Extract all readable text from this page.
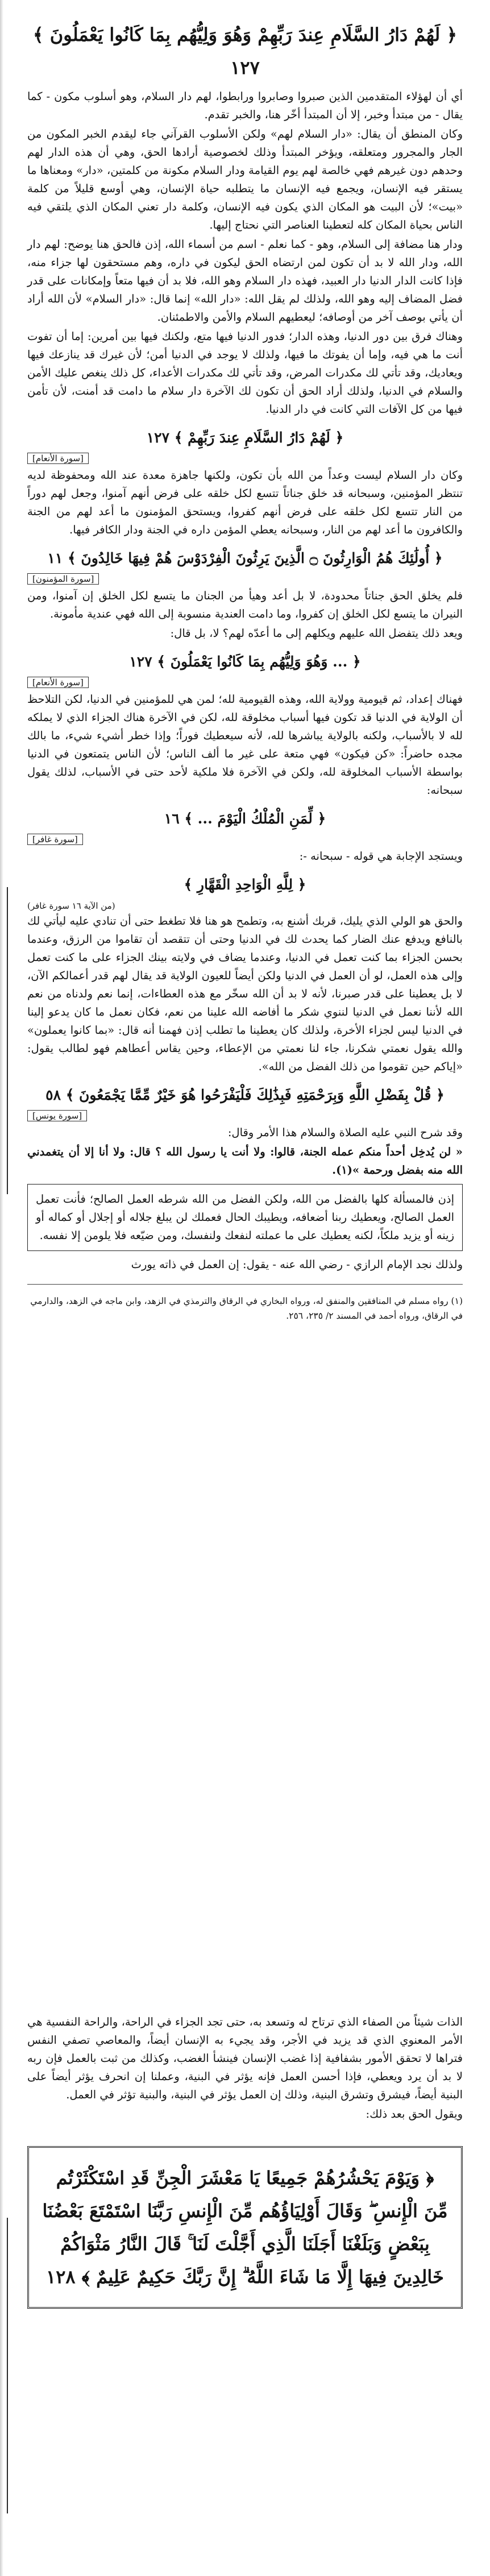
﴿ لَهُمْ دَارُ السَّلَامِ عِندَ رَبِّهِمْ وَهُوَ وَلِيُّهُم بِمَا كَانُوا يَعْمَلُونَ ﴾ ١٢٧

أي أن لهؤلاء المتقدمين الذين صبروا وصابروا ورابطوا، لهم دار السلام، وهو أسلوب مكون - كما يقال - من مبتدأ وخبر، إلا أن المبتدأ أخّر هنا، والخبر تقدم.

وكان المنطق أن يقال: «دار السلام لهم» ولكن الأسلوب القرآني جاء ليقدم الخبر المكون من الجار والمجرور ومتعلقه، ويؤخر المبتدأ وذلك لخصوصية أرادها الحق، وهي أن هذه الدار لهم وحدهم دون غيرهم فهي خالصة لهم يوم القيامة ودار السلام مكونة من كلمتين، «دار» ومعناها ما يستقر فيه الإنسان، ويجمع فيه الإنسان ما يتطلبه حياة الإنسان، وهي أوسع قليلاً من كلمة «بيت»؛ لأن البيت هو المكان الذي يكون فيه الإنسان، وكلمة دار تعني المكان الذي يلتقي فيه الناس بحياة المكان كله لتعطينا العناصر التي نحتاج إليها.

ودار هنا مضافة إلى السلام، وهو - كما نعلم - اسم من أسماء الله، إذن فالحق هنا يوضح: لهم دار الله، ودار الله لا بد أن تكون لمن ارتضاه الحق ليكون في داره، وهم مستحقون لها جزاء منه، فإذا كانت الدار الدنيا دار العبيد، فهذه دار السلام وهو الله، فلا بد أن فيها متعاً وإمكانات على قدر فضل المضاف إليه وهو الله، ولذلك لم يقل الله: «دار الله» إنما قال: «دار السلام» لأن الله أراد أن يأتي بوصف آخر من أوصافه؛ ليعطيهم السلام والأمن والاطمئنان.

وهناك فرق بين دور الدنيا، وهذه الدار؛ فدور الدنيا فيها متع، ولكنك فيها بين أمرين: إما أن تفوت أنت ما هي فيه، وإما أن يفوتك ما فيها، ولذلك لا يوجد في الدنيا أمن؛ لأن غيرك قد ينازعك فيها ويعاديك، وقد تأتي لك مكدرات المرض، وقد تأتي لك مكدرات الأعداء، كل ذلك ينغص عليك الأمن والسلام في الدنيا، ولذلك أراد الحق أن تكون لك الآخرة دار سلام ما دامت قد أمنت، لأن تأمن فيها من كل الآفات التي كانت في دار الدنيا.

﴿ لَهُمْ دَارُ السَّلَامِ عِندَ رَبِّهِمْ ﴾ ١٢٧
[سورة الأنعام]

وكان دار السلام ليست وعداً من الله بأن تكون، ولكنها جاهزة معدة عند الله ومحفوظة لديه تنتظر المؤمنين، وسبحانه قد خلق جناتاً تتسع لكل خلقه على فرض أنهم آمنوا، وجعل لهم دوراً من النار تتسع لكل خلقه على فرض أنهم كفروا، ويستحق المؤمنون ما أعد لهم من الجنة والكافرون ما أعد لهم من النار، وسبحانه يعطي المؤمن داره في الجنة ودار الكافر فيها.

﴿ أُولَٰئِكَ هُمُ الْوَارِثُونَ ۝ الَّذِينَ يَرِثُونَ الْفِرْدَوْسَ هُمْ فِيهَا خَالِدُونَ ﴾ ١١
[سورة المؤمنون]

فلم يخلق الحق جناتاً محدودة، لا بل أعد وهيأ من الجنان ما يتسع لكل الخلق إن آمنوا، ومن النيران ما يتسع لكل الخلق إن كفروا، وما دامت العندية منسوبة إلى الله فهي عندية مأمونة.

ويعد ذلك يتفضل الله عليهم ويكلهم إلى ما أعدّه لهم؟ لا، بل قال:

﴿ ... وَهُوَ وَلِيُّهُم بِمَا كَانُوا يَعْمَلُونَ ﴾ ١٢٧
[سورة الأنعام]

فهناك إعداد، ثم قيومية وولاية الله، وهذه القيومية لله؛ لمن هي للمؤمنين في الدنيا، لكن التلاحظ أن الولاية في الدنيا قد تكون فيها أسباب مخلوقة لله، لكن في الآخرة هناك الجزاء الذي لا يملكه لله لا بالأسباب، ولكنه بالولاية يباشرها لله، لأنه سيعطيك فوراً؛ وإذا خطر أشيء شيء، ما بالك مجده حاضراً: «كن فيكون» فهي متعة على غير ما ألف الناس؛ لأن الناس يتمتعون في الدنيا بواسطة الأسباب المخلوقة لله، ولكن في الآخرة فلا ملكية لأحد حتى في الأسباب، لذلك يقول سبحانه:

﴿ لِّمَنِ الْمُلْكُ الْيَوْمَ ... ﴾ ١٦
[سورة غافر]

ويستجد الإجابة هي قوله - سبحانه -:

﴿ لِلَّهِ الْوَاحِدِ الْقَهَّارِ ﴾
(من الآية ١٦ سورة غافر)

والحق هو الولي الذي يليك، قربك أشنع به، وتطمح هو هنا فلا تطغط حتى أن تنادي عليه ليأتي لك بالنافع ويدفع عنك الضار كما يحدث لك في الدنيا وحتى أن تتقصد أن تقاموا من الرزق، وعندما بحسن الجزاء بما كنت تعمل في الدنيا، وعندما يضاف في ولايته بينك الجزاء على ما كنت تعمل وإلى هذه العمل، لو أن العمل في الدنيا ولكن أيضاً للعيون الولاية قد يقال لهم قدر أعمالكم الآن، لا بل يعطينا على قدر صبرنا، لأنه لا بد أن الله سخّر مع هذه العطاءات، إنما نعم ولدناه من نعم الله لأننا نعمل في الدنيا لننوي شكر ما أفاضه الله علينا من نعم، فكان نعمل ما كان يدعو إلينا في الدنيا ليس لجزاء الأخرة، ولذلك كان يعطينا ما تطلب إذن فهمنا أنه قال: «بما كانوا يعملون» والله يقول نعمتي شكرنا، جاء لنا نعمتي من الإعطاء، وحين يقاس أعطاهم فهو لطالب يقول: «إياكم حين تقوموا من ذلك الفضل من الله».

﴿ قُلْ بِفَضْلِ اللَّهِ وَبِرَحْمَتِهِ فَبِذَٰلِكَ فَلْيَفْرَحُوا هُوَ خَيْرٌ مِّمَّا يَجْمَعُونَ ﴾ ٥٨
[سورة يونس]

وقد شرح النبي عليه الصلاة والسلام هذا الأمر وقال:

« لن يُدخِل أحداً منكم عمله الجنة، قالوا: ولا أنت يا رسول الله ؟ قال: ولا أنا إلا أن يتغمدني الله منه بفضل ورحمة »(١).

إذن فالمسألة كلها بالفضل من الله، ولكن الفضل من الله شرطه العمل الصالح؛ فأنت تعمل العمل الصالح، ويعطيك ربنا أضعافه، ويطيبك الحال فعملك لن يبلغ جلاله أو إجلال أو كماله أو زينه أو يزيد ملكاً، لكنه يعطيك على ما عملته لنفعك ولنفسك، ومن ضيّعه فلا يلومن إلا نفسه.

ولذلك نجد الإمام الرازي - رضي الله عنه - يقول: إن العمل في ذاته يورث

(١) رواه مسلم في المنافقين والمنفق له، ورواه البخاري في الرقاق والترمذي في الزهد، وابن ماجه في الزهد، والدارمي في الرقاق، ورواه أحمد في المسند ٢/ ٢٣٥، ٢٥٦.

الذات شيئاً من الصفاء الذي ترتاح له وتسعد به، حتى تجد الجزاء في الراحة، والراحة النفسية هي الأمر المعنوي الذي قد يزيد في الأجر، وقد يجيء به الإنسان أيضاً، والمعاصي تصفي النفس فتراها لا تحقق الأمور بشفافية إذا غضب الإنسان فينشأ الغضب، وكذلك من ثبت بالعمل فإن ربه لا بد أن يرد ويعطي، فإذا أحسن العمل فإنه يؤثر في البنية، وعملنا إن انحرف يؤثر أيضاً على البنية أيضاً، فيشرق وتشرق البنية، وذلك إن العمل يؤثر في البنية، والبنية تؤثر في العمل.

ويقول الحق بعد ذلك:

﴿ وَيَوْمَ يَحْشُرُهُمْ جَمِيعًا يَا مَعْشَرَ الْجِنِّ قَدِ اسْتَكْثَرْتُم مِّنَ الْإِنسِ ۖ وَقَالَ أَوْلِيَاؤُهُم مِّنَ الْإِنسِ رَبَّنَا اسْتَمْتَعَ بَعْضُنَا بِبَعْضٍ وَبَلَغْنَا أَجَلَنَا الَّذِي أَجَّلْتَ لَنَا ۚ قَالَ النَّارُ مَثْوَاكُمْ خَالِدِينَ فِيهَا إِلَّا مَا شَاءَ اللَّهُ ۗ إِنَّ رَبَّكَ حَكِيمٌ عَلِيمٌ ﴾ ١٢٨
